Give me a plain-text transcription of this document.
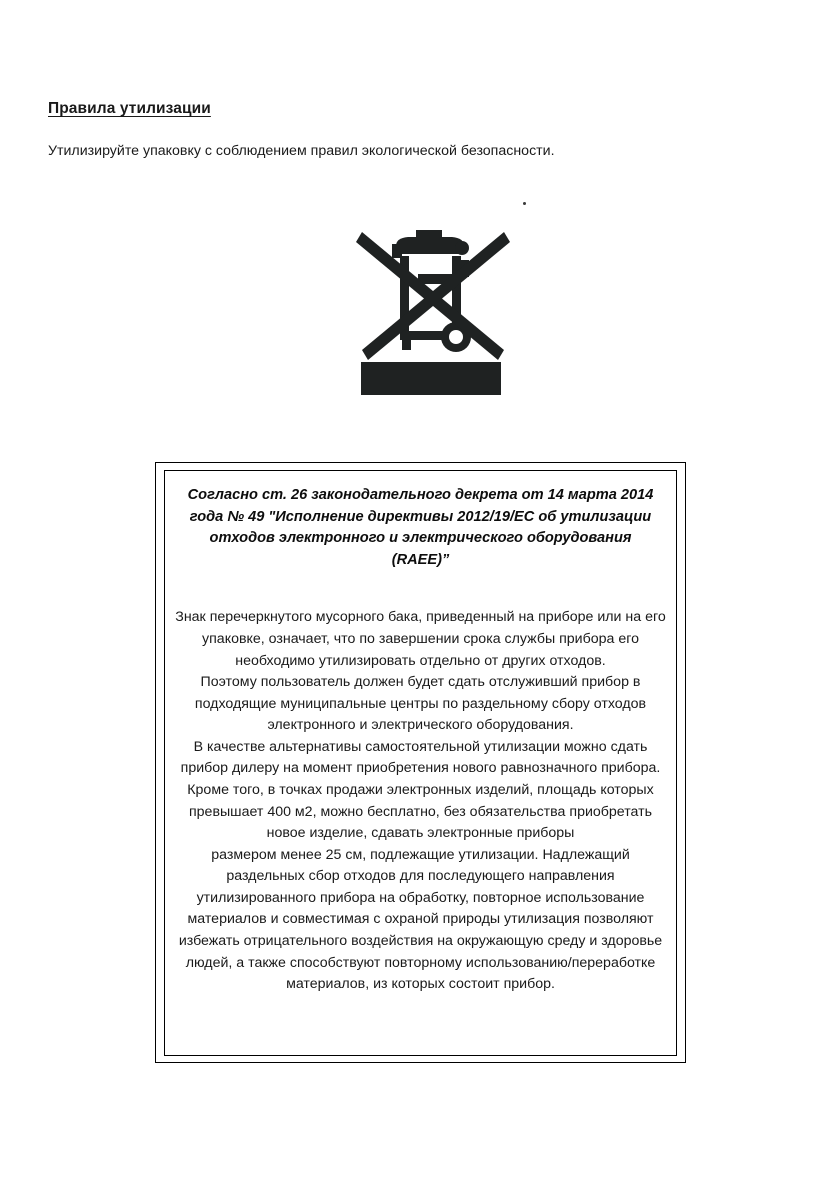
Правила утилизации
Утилизируйте упаковку с соблюдением правил экологической безопасности.

Согласно ст. 26 законодательного декрета от 14 марта 2014 года № 49 "Исполнение директивы 2012/19/ЕС об утилизации отходов электронного и электрического оборудования (RAEE)”

Знак перечеркнутого мусорного бака, приведенный на приборе или на его упаковке, означает, что по завершении срока службы прибора его необходимо утилизировать отдельно от других отходов.

Поэтому пользователь должен будет сдать отслуживший прибор в подходящие муниципальные центры по раздельному сбору отходов электронного и электрического оборудования.

В качестве альтернативы самостоятельной утилизации можно сдать прибор дилеру на момент приобретения нового равнозначного прибора.

Кроме того, в точках продажи электронных изделий, площадь которых превышает 400 м2, можно бесплатно, без обязательства приобретать новое изделие, сдавать электронные приборы

размером менее 25 см, подлежащие утилизации. Надлежащий раздельных сбор отходов для последующего направления утилизированного прибора на обработку, повторное использование материалов и совместимая с охраной природы утилизация позволяют избежать отрицательного воздействия на окружающую среду и здоровье людей, а также способствуют повторному использованию/переработке материалов, из которых состоит прибор.
